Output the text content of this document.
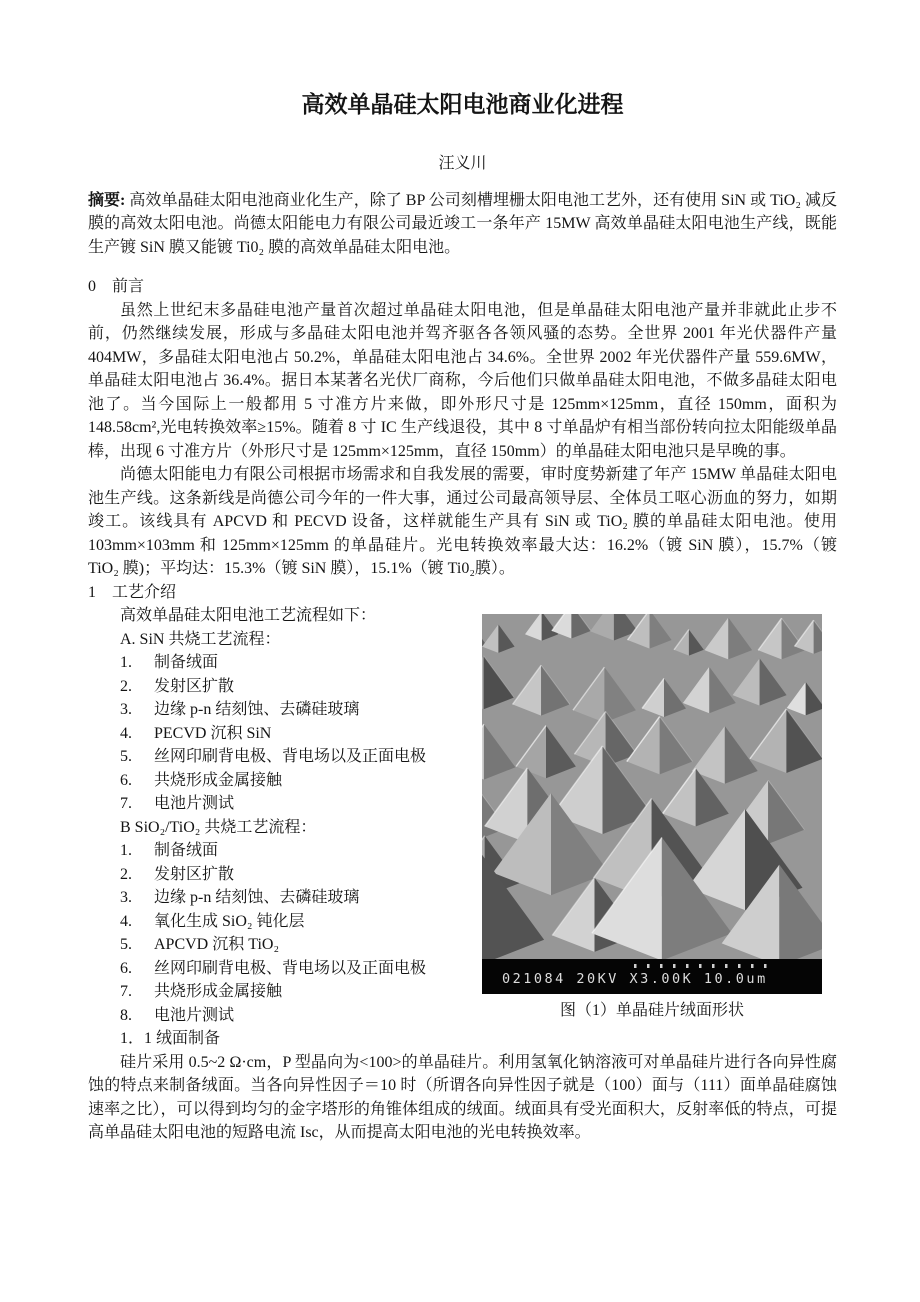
高效单晶硅太阳电池商业化进程
汪义川

摘要: 高效单晶硅太阳电池商业化生产，除了 BP 公司刻槽埋栅太阳电池工艺外，还有使用 SiN 或 TiO₂ 减反膜的高效太阳电池。尚德太阳能电力有限公司最近竣工一条年产 15MW 高效单晶硅太阳电池生产线，既能生产镀 SiN 膜又能镀 Ti0₂ 膜的高效单晶硅太阳电池。

0 前言

虽然上世纪末多晶硅电池产量首次超过单晶硅太阳电池，但是单晶硅太阳电池产量并非就此止步不前，仍然继续发展，形成与多晶硅太阳电池并驾齐驱各各领风骚的态势。全世界 2001 年光伏器件产量 404MW，多晶硅太阳电池占 50.2%，单晶硅太阳电池占 34.6%。全世界 2002 年光伏器件产量 559.6MW，单晶硅太阳电池占 36.4%。据日本某著名光伏厂商称，今后他们只做单晶硅太阳电池，不做多晶硅太阳电池了。当今国际上一般都用 5 寸准方片来做，即外形尺寸是 125mm×125mm，直径 150mm，面积为 148.58cm²,光电转换效率≥15%。随着 8 寸 IC 生产线退役，其中 8 寸单晶炉有相当部份转向拉太阳能级单晶棒，出现 6 寸准方片（外形尺寸是 125mm×125mm，直径 150mm）的单晶硅太阳电池只是早晚的事。

尚德太阳能电力有限公司根据市场需求和自我发展的需要，审时度势新建了年产 15MW 单晶硅太阳电池生产线。这条新线是尚德公司今年的一件大事，通过公司最高领导层、全体员工呕心沥血的努力，如期竣工。该线具有 APCVD 和 PECVD 设备，这样就能生产具有 SiN 或 TiO₂ 膜的单晶硅太阳电池。使用 103mm×103mm 和 125mm×125mm 的单晶硅片。光电转换效率最大达：16.2%（镀 SiN 膜），15.7%（镀 TiO₂ 膜)；平均达：15.3%（镀 SiN 膜），15.1%（镀 Ti0₂膜）。

1 工艺介绍
021084 20KV X3.00K 10.0um
图（1）单晶硅片绒面形状
高效单晶硅太阳电池工艺流程如下：
A. SiN 共烧工艺流程：
1. 制备绒面
2. 发射区扩散
3. 边缘 p-n 结刻蚀、去磷硅玻璃
4. PECVD 沉积 SiN
5. 丝网印刷背电极、背电场以及正面电极
6. 共烧形成金属接触
7. 电池片测试
B SiO₂/TiO₂ 共烧工艺流程：
1. 制备绒面
2. 发射区扩散
3. 边缘 p-n 结刻蚀、去磷硅玻璃
4. 氧化生成 SiO₂ 钝化层
5. APCVD 沉积 TiO₂
6. 丝网印刷背电极、背电场以及正面电极
7. 共烧形成金属接触
8. 电池片测试
1．1 绒面制备

硅片采用 0.5~2 Ω·cm，P 型晶向为<100>的单晶硅片。利用氢氧化钠溶液可对单晶硅片进行各向异性腐蚀的特点来制备绒面。当各向异性因子＝10 时（所谓各向异性因子就是（100）面与（111）面单晶硅腐蚀速率之比），可以得到均匀的金字塔形的角锥体组成的绒面。绒面具有受光面积大，反射率低的特点，可提高单晶硅太阳电池的短路电流 Isc，从而提高太阳电池的光电转换效率。
